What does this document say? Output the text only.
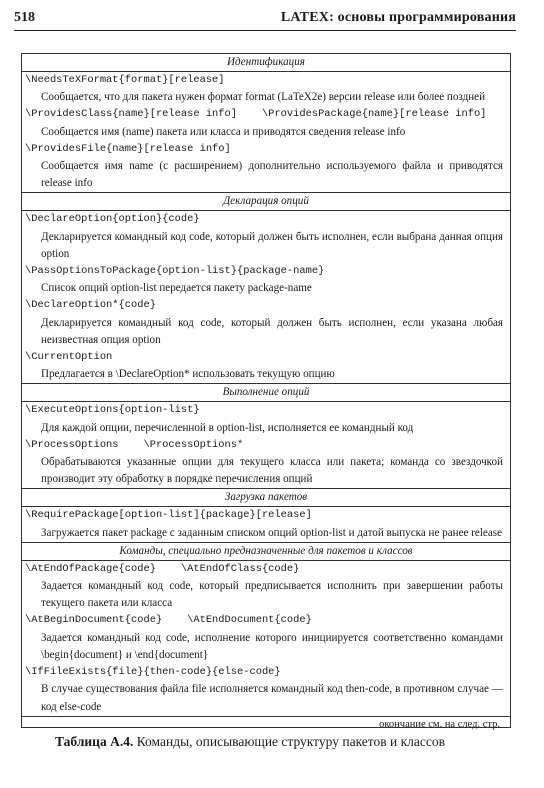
518	LATEX: основы программирования
Идентификация
\NeedsTeXFormat{format}[release]
Сообщается, что для пакета нужен формат format (LaTeX2e) версии release или более поздней
\ProvidesClass{name}[release info]    \ProvidesPackage{name}[release info]
Сообщается имя (name) пакета или класса и приводятся сведения release info
\ProvidesFile{name}[release info]
Сообщается имя name (с расширением) дополнительно используемого файла и приводятся release info
Декларация опций
\DeclareOption{option}{code}
Декларируется командный код code, который должен быть исполнен, если выбрана данная опция option
\PassOptionsToPackage{option-list}{package-name}
Список опций option-list передается пакету package-name
\DeclareOption*{code}
Декларируется командный код code, который должен быть исполнен, если указана любая неизвестная опция option
\CurrentOption
Предлагается в \DeclareOption* использовать текущую опцию
Выполнение опций
\ExecuteOptions{option-list}
Для каждой опции, перечисленной в option-list, исполняется ее командный код
\ProcessOptions    \ProcessOptions*
Обрабатываются указанные опции для текущего класса или пакета; команда со звездочкой производит эту обработку в порядке перечисления опций
Загрузка пакетов
\RequirePackage[option-list]{package}[release]
Загружается пакет package с заданным списком опций option-list и датой выпуска не ранее release
Команды, специально предназначенные для пакетов и классов
\AtEndOfPackage{code}    \AtEndOfClass{code}
Задается командный код code, который предписывается исполнить при завершении работы текущего пакета или класса
\AtBeginDocument{code}    \AtEndDocument{code}
Задается командный код code, исполнение которого инициируется соответственно командами \begin{document} и \end{document}
\IfFileExists{file}{then-code}{else-code}
В случае существования файла file исполняется командный код then-code, в противном случае — код else-code
окончание см. на след. стр.
Таблица А.4. Команды, описывающие структуру пакетов и классов
